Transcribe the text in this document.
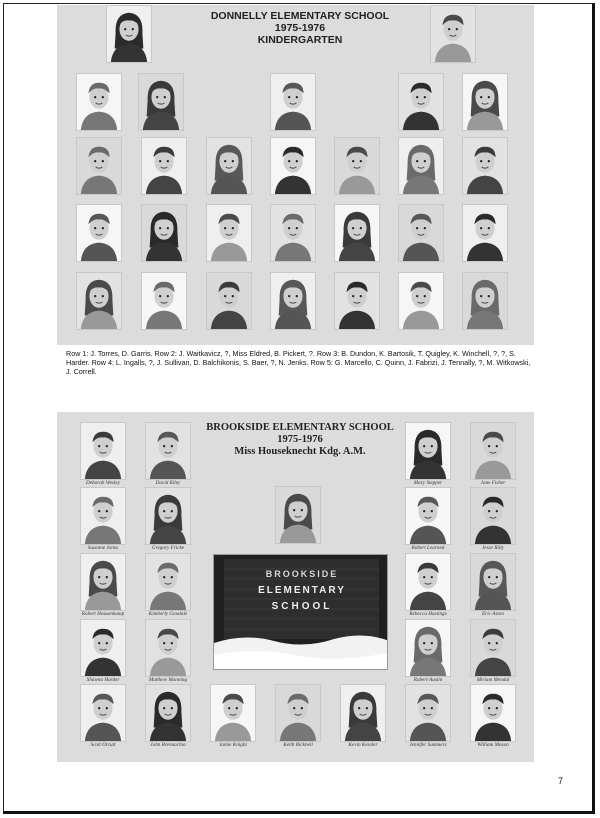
DONNELLY ELEMENTARY SCHOOL
1975-1976
KINDERGARTEN
Row 1: J. Torres, D. Garris. Row 2: J. Waitkavicz, ?, Miss Eldred, B. Pickert, ?. Row 3: B. Dundon, K. Bartosik, T. Quigley, K. Winchell, ?, ?, S. Harder. Row 4: L. Ingalls, ?, J. Sullivan, D. Balchikonis, S. Baer, ?, N. Jenks. Row 5: G. Marcello, C. Quinn, J. Fabrizi, J. Tennally, ?, M. Witkowski, J. Correll.
BROOKSIDE ELEMENTARY SCHOOL
1975-1976
Miss Houseknecht Kdg. A.M.
Deborah Wesley	David Riley	Mary Stepper	Jane Fisher
Suzanne Jones	Gregory Fricke	Robert Learned	Jesse Rilly
Robert Housenkamp	Kimberly Goodale	Rebecca Hastings	Eric Aston
Shawna Harder	Matthew Manning	Robert Austin	Miriam Mendal
Scott Orcutt	John Brennachia	Jamie Knight	Keith Bicknell	Kevin Kessler	Jennifer Summers	William Mason
BROOKSIDE
ELEMENTARY
SCHOOL
7
